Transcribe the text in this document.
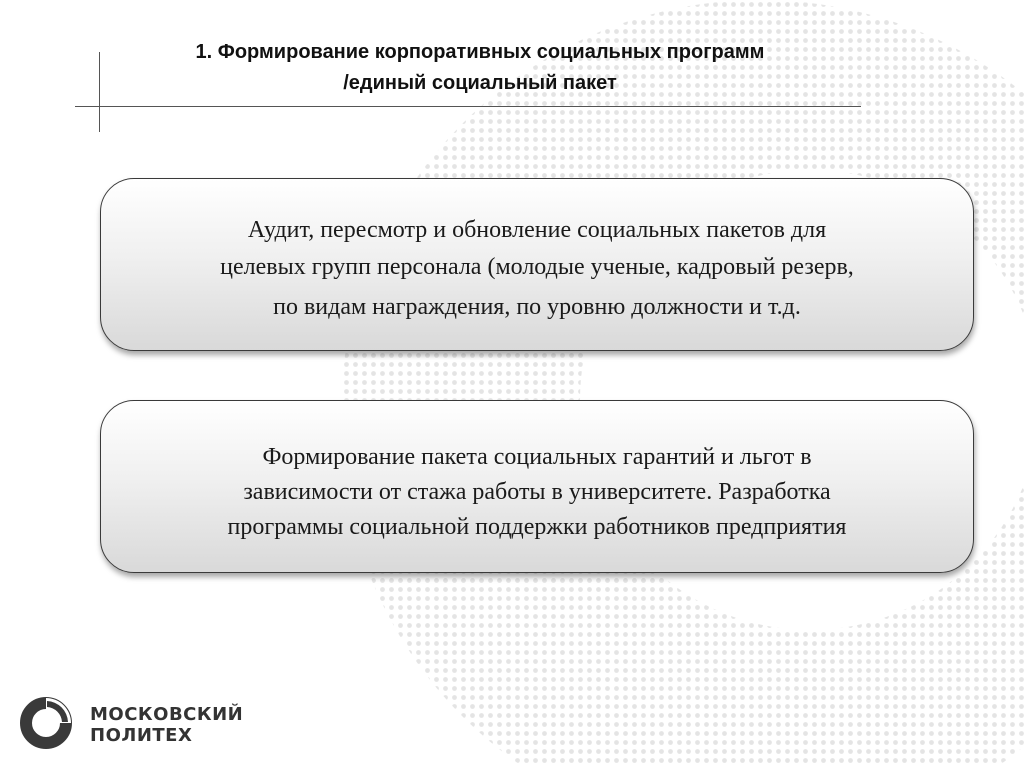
1. Формирование корпоративных социальных программ
/единый социальный пакет
Аудит, пересмотр и обновление социальных пакетов для
целевых групп персонала (молодые ученые, кадровый резерв,
по видам награждения, по уровню должности и т.д.
Формирование пакета социальных гарантий и льгот в
зависимости от стажа работы в университете. Разработка
программы социальной поддержки работников предприятия
МОСКОВСКИЙ
ПОЛИТЕХ
